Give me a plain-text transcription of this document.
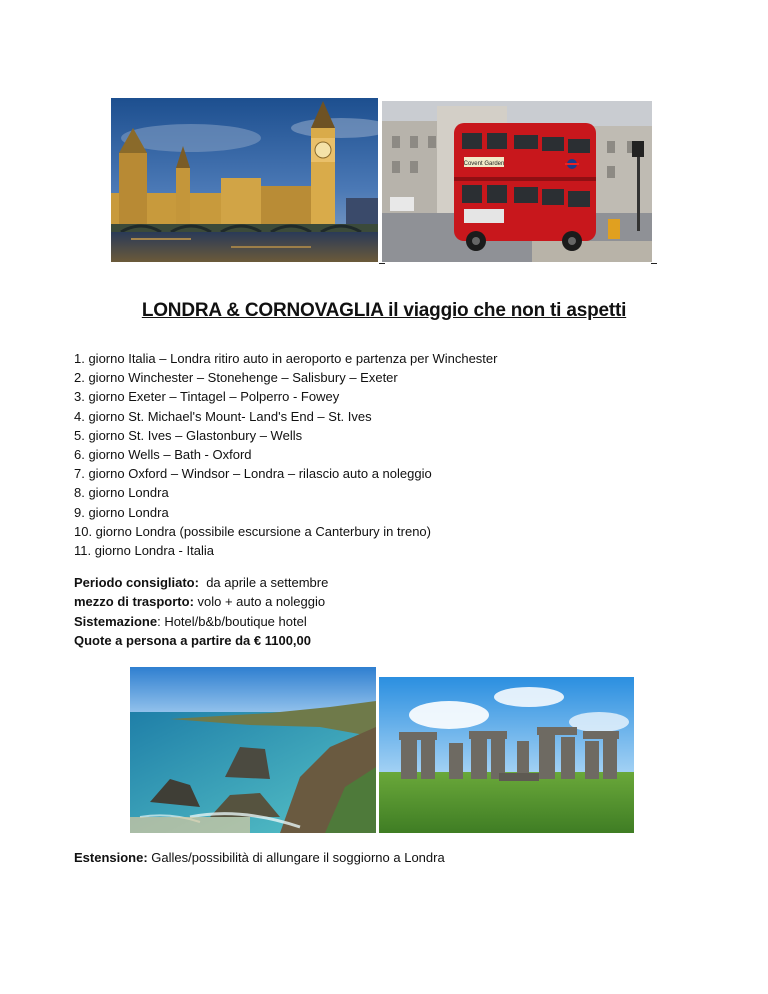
Covent Garden
LONDRA & CORNOVAGLIA il viaggio che non ti aspetti
1. giorno Italia – Londra ritiro auto in aeroporto e partenza per Winchester
2. giorno Winchester – Stonehenge – Salisbury – Exeter
3. giorno Exeter – Tintagel – Polperro - Fowey
4. giorno St. Michael's Mount- Land's End – St. Ives
5. giorno St. Ives – Glastonbury – Wells
6. giorno Wells – Bath - Oxford
7. giorno Oxford – Windsor – Londra – rilascio auto a noleggio
8. giorno Londra
9. giorno Londra
10. giorno Londra (possibile escursione a Canterbury in treno)
11. giorno Londra - Italia
Periodo consigliato:  da aprile a settembre
mezzo di trasporto: volo + auto a noleggio
Sistemazione: Hotel/b&b/boutique hotel
Quote a persona a partire da € 1100,00
Estensione: Galles/possibilità di allungare il soggiorno a Londra
